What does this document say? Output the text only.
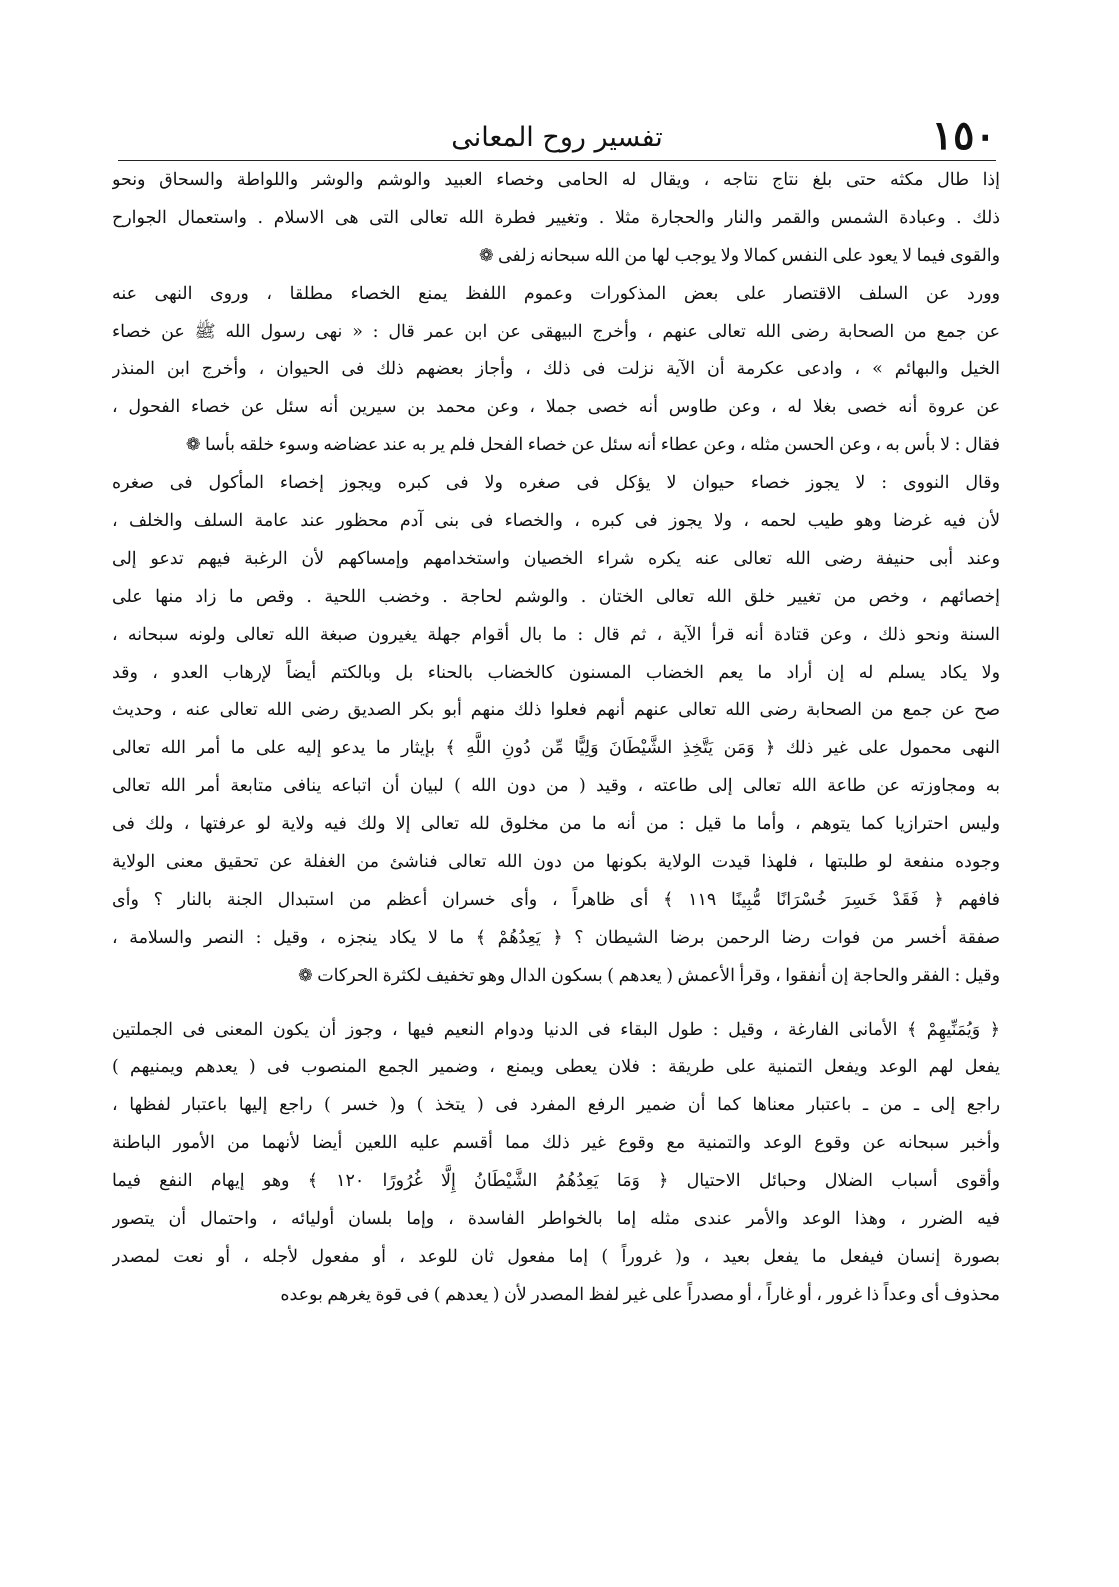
١٥٠
تفسير روح المعانى
إذا طال مكثه حتى بلغ نتاج نتاجه ، ويقال له الحامى وخصاء العبيد والوشم والوشر واللواطة والسحاق ونحو
ذلك . وعبادة الشمس والقمر والنار والحجارة مثلا . وتغيير فطرة الله تعالى التى هى الاسلام . واستعمال الجوارح
والقوى فيما لا يعود على النفس كمالا ولا يوجب لها من الله سبحانه زلفى ❁
وورد عن السلف الاقتصار على بعض المذكورات وعموم اللفظ يمنع الخصاء مطلقا ، وروى النهى عنه
عن جمع من الصحابة رضى الله تعالى عنهم ، وأخرج البيهقى عن ابن عمر قال : « نهى رسول الله ﷺ عن خصاء
الخيل والبهائم » ، وادعى عكرمة أن الآية نزلت فى ذلك ، وأجاز بعضهم ذلك فى الحيوان ، وأخرج ابن المنذر
عن عروة أنه خصى بغلا له ، وعن طاوس أنه خصى جملا ، وعن محمد بن سيرين أنه سئل عن خصاء الفحول ،
فقال : لا بأس به ، وعن الحسن مثله ، وعن عطاء أنه سئل عن خصاء الفحل فلم ير به عند عضاضه وسوء خلقه بأسا ❁
وقال النووى : لا يجوز خصاء حيوان لا يؤكل فى صغره ولا فى كبره ويجوز إخصاء المأكول فى صغره
لأن فيه غرضا وهو طيب لحمه ، ولا يجوز فى كبره ، والخصاء فى بنى آدم محظور عند عامة السلف والخلف ،
وعند أبى حنيفة رضى الله تعالى عنه يكره شراء الخصيان واستخدامهم وإمساكهم لأن الرغبة فيهم تدعو إلى
إخصائهم ، وخص من تغيير خلق الله تعالى الختان . والوشم لحاجة . وخضب اللحية . وقص ما زاد منها على
السنة ونحو ذلك ، وعن قتادة أنه قرأ الآية ، ثم قال : ما بال أقوام جهلة يغيرون صبغة الله تعالى ولونه سبحانه ،
ولا يكاد يسلم له إن أراد ما يعم الخضاب المسنون كالخضاب بالحناء بل وبالكتم أيضاً لإرهاب العدو ، وقد
صح عن جمع من الصحابة رضى الله تعالى عنهم أنهم فعلوا ذلك منهم أبو بكر الصديق رضى الله تعالى عنه ، وحديث
النهى محمول على غير ذلك ﴿ وَمَن يَتَّخِذِ الشَّيْطَانَ وَلِيًّا مِّن دُونِ اللَّهِ ﴾ بإيثار ما يدعو إليه على ما أمر الله تعالى
به ومجاوزته عن طاعة الله تعالى إلى طاعته ، وقيد ( من دون الله ) لبيان أن اتباعه ينافى متابعة أمر الله تعالى
وليس احترازيا كما يتوهم ، وأما ما قيل : من أنه ما من مخلوق لله تعالى إلا ولك فيه ولاية لو عرفتها ، ولك فى
وجوده منفعة لو طلبتها ، فلهذا قيدت الولاية بكونها من دون الله تعالى فناشئ من الغفلة عن تحقيق معنى الولاية
فافهم ﴿ فَقَدْ خَسِرَ خُسْرَانًا مُّبِينًا ١١٩ ﴾ أى ظاهراً ، وأى خسران أعظم من استبدال الجنة بالنار ؟ وأى
صفقة أخسر من فوات رضا الرحمن برضا الشيطان ؟ ﴿ يَعِدُهُمْ ﴾ ما لا يكاد ينجزه ، وقيل : النصر والسلامة ،
وقيل : الفقر والحاجة إن أنفقوا ، وقرأ الأعمش ( يعدهم ) بسكون الدال وهو تخفيف لكثرة الحركات ❁
﴿ وَيُمَنِّيهِمْ ﴾ الأمانى الفارغة ، وقيل : طول البقاء فى الدنيا ودوام النعيم فيها ، وجوز أن يكون المعنى فى الجملتين
يفعل لهم الوعد ويفعل التمنية على طريقة : فلان يعطى ويمنع ، وضمير الجمع المنصوب فى ( يعدهم ويمنيهم )
راجع إلى ـ من ـ باعتبار معناها كما أن ضمير الرفع المفرد فى ( يتخذ ) و( خسر ) راجع إليها باعتبار لفظها ،
وأخبر سبحانه عن وقوع الوعد والتمنية مع وقوع غير ذلك مما أقسم عليه اللعين أيضا لأنهما من الأمور الباطنة
وأقوى أسباب الضلال وحبائل الاحتيال ﴿ وَمَا يَعِدُهُمُ الشَّيْطَانُ إِلَّا غُرُورًا ١٢٠ ﴾ وهو إيهام النفع فيما
فيه الضرر ، وهذا الوعد والأمر عندى مثله إما بالخواطر الفاسدة ، وإما بلسان أوليائه ، واحتمال أن يتصور
بصورة إنسان فيفعل ما يفعل بعيد ، و( غروراً ) إما مفعول ثان للوعد ، أو مفعول لأجله ، أو نعت لمصدر
محذوف أى وعداً ذا غرور ، أو غاراً ، أو مصدراً على غير لفظ المصدر لأن ( يعدهم ) فى قوة يغرهم بوعده
